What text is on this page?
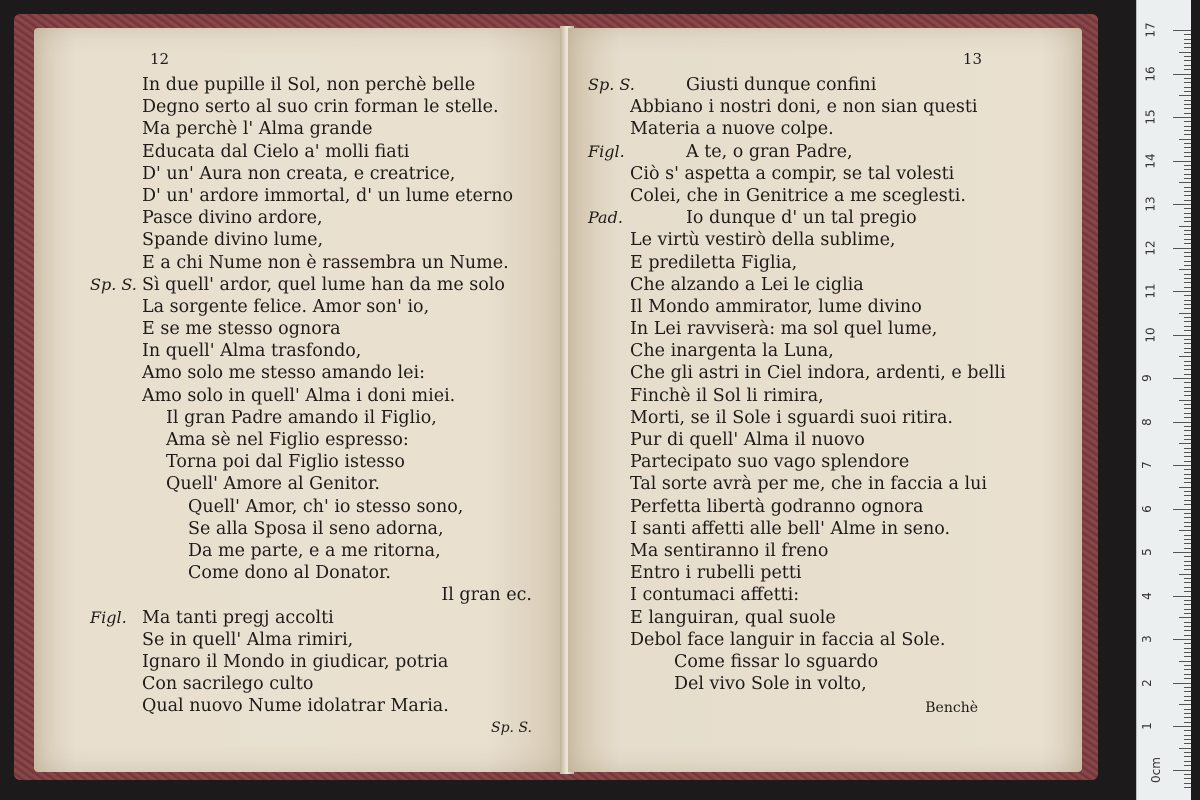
12
In due pupille il Sol, non perchè belle
Degno serto al suo crin forman le stelle.
Ma perchè l' Alma grande
Educata dal Cielo a' molli fiati
D' un' Aura non creata, e creatrice,
D' un' ardore immortal, d' un lume eterno
Pasce divino ardore,
Spande divino lume,
E a chi Nume non è rassembra un Nume.
Sp. S. Sì quell' ardor, quel lume han da me solo
La sorgente felice. Amor son' io,
E se me stesso ognora
In quell' Alma trasfondo,
Amo solo me stesso amando lei:
Amo solo in quell' Alma i doni miei.
Il gran Padre amando il Figlio,
Ama sè nel Figlio espresso:
Torna poi dal Figlio istesso
Quell' Amore al Genitor.
Quell' Amor, ch' io stesso sono,
Se alla Sposa il seno adorna,
Da me parte, e a me ritorna,
Come dono al Donator.
Il gran ec.
Figl. Ma tanti pregj accolti
Se in quell' Alma rimiri,
Ignaro il Mondo in giudicar, potria
Con sacrilego culto
Qual nuovo Nume idolatrar Maria.
Sp. S.
13
Sp. S.	Giusti dunque confini
Abbiano i nostri doni, e non sian questi
Materia a nuove colpe.
Figl.	A te, o gran Padre,
Ciò s' aspetta a compir, se tal volesti
Colei, che in Genitrice a me sceglesti.
Pad.	Io dunque d' un tal pregio
Le virtù vestirò della sublime,
E prediletta Figlia,
Che alzando a Lei le ciglia
Il Mondo ammirator, lume divino
In Lei ravviserà: ma sol quel lume,
Che inargenta la Luna,
Che gli astri in Ciel indora, ardenti, e belli
Finchè il Sol li rimira,
Morti, se il Sole i sguardi suoi ritira.
Pur di quell' Alma il nuovo
Partecipato suo vago splendore
Tal sorte avrà per me, che in faccia a lui
Perfetta libertà godranno ognora
I santi affetti alle bell' Alme in seno.
Ma sentiranno il freno
Entro i rubelli petti
I contumaci affetti:
E languiran, qual suole
Debol face languir in faccia al Sole.
Come fissar lo sguardo
Del vivo Sole in volto,
Benchè
17
16
15
14
13
12
11
10
9
8
7
6
5
4
3
2
1
0cm
